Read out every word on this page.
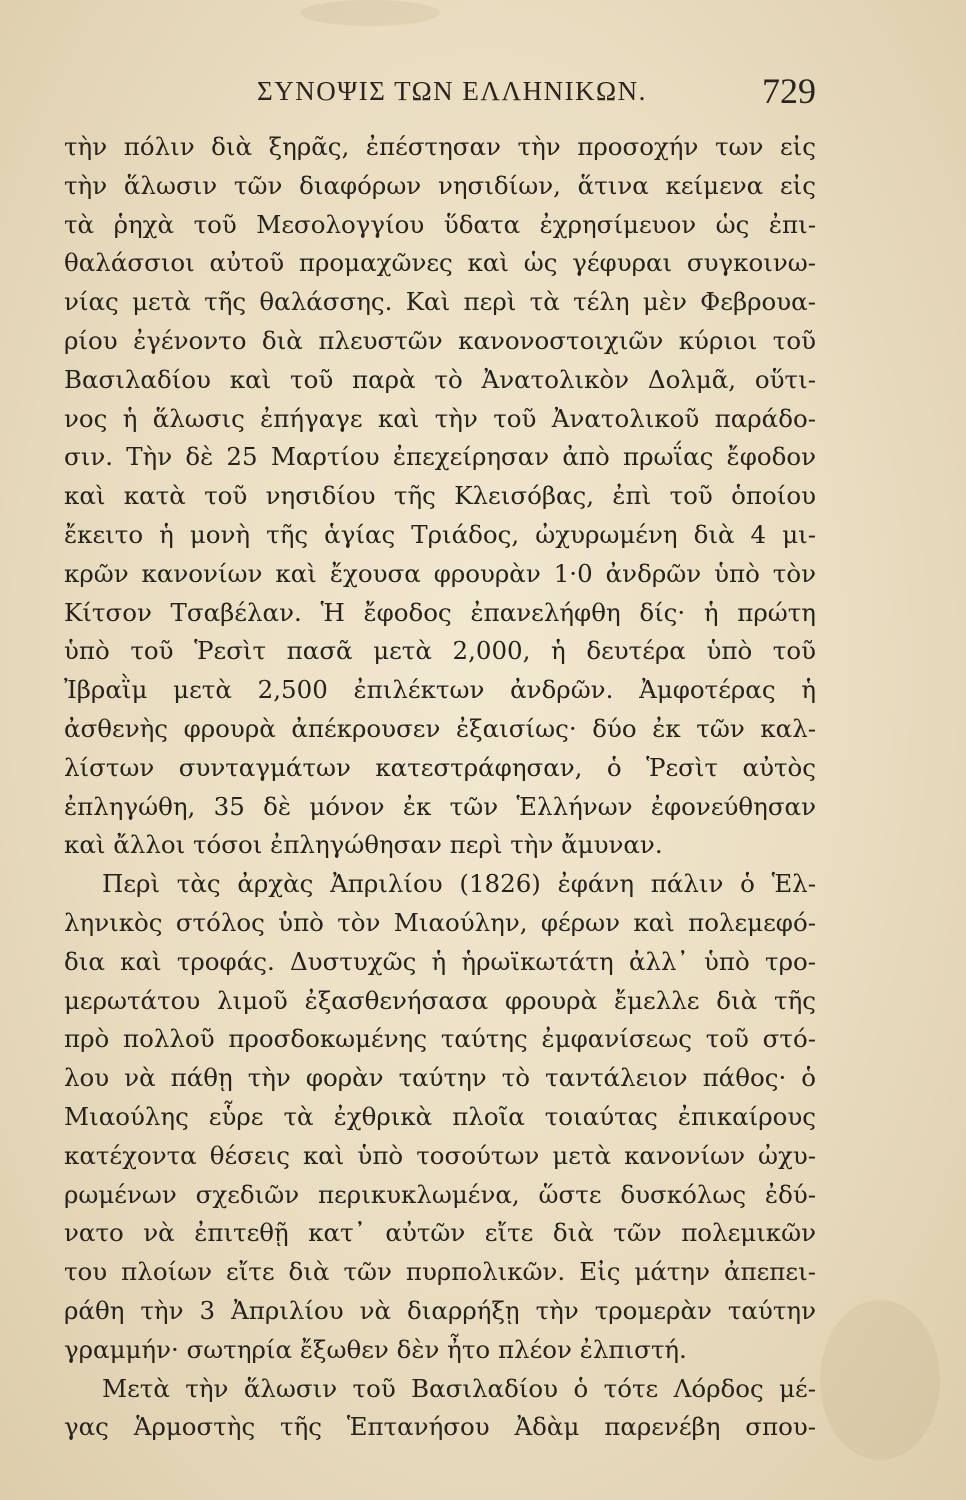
ΣΥΝΟΨΙΣ ΤΩΝ ΕΛΛΗΝΙΚΩΝ.	729
τὴν πόλιν διὰ ξηρᾶς, ἐπέστησαν τὴν προσοχήν των εἰς
τὴν ἅλωσιν τῶν διαφόρων νησιδίων, ἅτινα κείμενα εἰς
τὰ ῥηχὰ τοῦ Μεσολογγίου ὕδατα ἐχρησίμευον ὡς ἐπι-
θαλάσσιοι αὐτοῦ προμαχῶνες καὶ ὡς γέφυραι συγκοινω-
νίας μετὰ τῆς θαλάσσης. Καὶ περὶ τὰ τέλη μὲν Φεβρουα-
ρίου ἐγένοντο διὰ πλευστῶν κανονοστοιχιῶν κύριοι τοῦ
Βασιλαδίου καὶ τοῦ παρὰ τὸ Ἀνατολικὸν Δολμᾶ, οὕτι-
νος ἡ ἅλωσις ἐπήγαγε καὶ τὴν τοῦ Ἀνατολικοῦ παράδο-
σιν. Τὴν δὲ 25 Μαρτίου ἐπεχείρησαν ἀπὸ πρωΐας ἔφοδον
καὶ κατὰ τοῦ νησιδίου τῆς Κλεισόβας, ἐπὶ τοῦ ὁποίου
ἔκειτο ἡ μονὴ τῆς ἁγίας Τριάδος, ὠχυρωμένη διὰ 4 μι-
κρῶν κανονίων καὶ ἔχουσα φρουρὰν 1·0 ἀνδρῶν ὑπὸ τὸν
Κίτσον Τσαβέλαν. Ἡ ἔφοδος ἐπανελήφθη δίς· ἡ πρώτη
ὑπὸ τοῦ Ῥεσὶτ πασᾶ μετὰ 2,000, ἡ δευτέρα ὑπὸ τοῦ
Ἰβραῒμ μετὰ 2,500 ἐπιλέκτων ἀνδρῶν. Ἀμφοτέρας ἡ
ἀσθενὴς φρουρὰ ἀπέκρουσεν ἐξαισίως· δύο ἐκ τῶν καλ-
λίστων συνταγμάτων κατεστράφησαν, ὁ Ῥεσὶτ αὐτὸς
ἐπληγώθη, 35 δὲ μόνον ἐκ τῶν Ἑλλήνων ἐφονεύθησαν
καὶ ἄλλοι τόσοι ἐπληγώθησαν περὶ τὴν ἄμυναν.
Περὶ τὰς ἀρχὰς Ἀπριλίου (1826) ἐφάνη πάλιν ὁ Ἑλ-
ληνικὸς στόλος ὑπὸ τὸν Μιαούλην, φέρων καὶ πολεμεφό-
δια καὶ τροφάς. Δυστυχῶς ἡ ἡρωϊκωτάτη ἀλλ᾽ ὑπὸ τρο-
μερωτάτου λιμοῦ ἐξασθενήσασα φρουρὰ ἔμελλε διὰ τῆς
πρὸ πολλοῦ προσδοκωμένης ταύτης ἐμφανίσεως τοῦ στό-
λου νὰ πάθῃ τὴν φορὰν ταύτην τὸ ταντάλειον πάθος· ὁ
Μιαούλης εὗρε τὰ ἐχθρικὰ πλοῖα τοιαύτας ἐπικαίρους
κατέχοντα θέσεις καὶ ὑπὸ τοσούτων μετὰ κανονίων ὠχυ-
ρωμένων σχεδιῶν περικυκλωμένα, ὥστε δυσκόλως ἐδύ-
νατο νὰ ἐπιτεθῇ κατ᾽ αὐτῶν εἴτε διὰ τῶν πολεμικῶν
του πλοίων εἴτε διὰ τῶν πυρπολικῶν. Εἰς μάτην ἀπεπει-
ράθη τὴν 3 Ἀπριλίου νὰ διαρρήξῃ τὴν τρομερὰν ταύτην
γραμμήν· σωτηρία ἔξωθεν δὲν ἦτο πλέον ἐλπιστή.
Μετὰ τὴν ἅλωσιν τοῦ Βασιλαδίου ὁ τότε Λόρδος μέ-
γας Ἁρμοστὴς τῆς Ἑπτανήσου Ἀδὰμ παρενέβη σπου-
